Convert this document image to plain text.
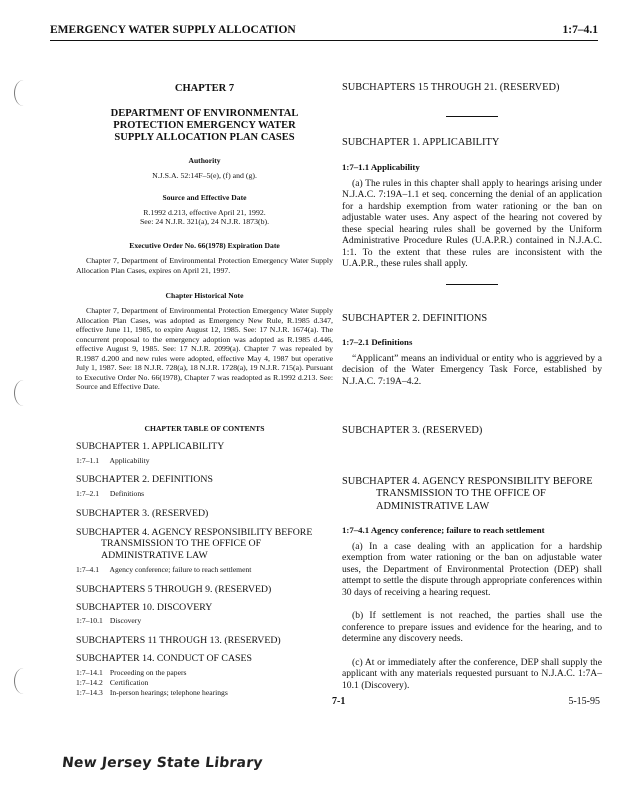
EMERGENCY WATER SUPPLY ALLOCATION	1:7–4.1
CHAPTER 7
DEPARTMENT OF ENVIRONMENTAL
PROTECTION EMERGENCY WATER
SUPPLY ALLOCATION PLAN CASES
Authority
N.J.S.A. 52:14F–5(e), (f) and (g).
Source and Effective Date
R.1992 d.213, effective April 21, 1992.
See: 24 N.J.R. 321(a), 24 N.J.R. 1873(b).
Executive Order No. 66(1978) Expiration Date

Chapter 7, Department of Environmental Protection Emergency Water Supply Allocation Plan Cases, expires on April 21, 1997.

Chapter Historical Note

Chapter 7, Department of Environmental Protection Emergency Water Supply Allocation Plan Cases, was adopted as Emergency New Rule, R.1985 d.347, effective June 11, 1985, to expire August 12, 1985. See: 17 N.J.R. 1674(a). The concurrent proposal to the emergency adoption was adopted as R.1985 d.446, effective August 9, 1985. See: 17 N.J.R. 2099(a). Chapter 7 was repealed by R.1987 d.200 and new rules were adopted, effective May 4, 1987 but operative July 1, 1987. See: 18 N.J.R. 728(a), 18 N.J.R. 1728(a), 19 N.J.R. 715(a). Pursuant to Executive Order No. 66(1978), Chapter 7 was readopted as R.1992 d.213. See: Source and Effective Date.

CHAPTER TABLE OF CONTENTS
SUBCHAPTER 1. APPLICABILITY
1:7–1.1 Applicability
SUBCHAPTER 2. DEFINITIONS
1:7–2.1 Definitions
SUBCHAPTER 3. (RESERVED)
SUBCHAPTER 4. AGENCY RESPONSIBILITY BEFORE TRANSMISSION TO THE OFFICE OF ADMINISTRATIVE LAW
1:7–4.1 Agency conference; failure to reach settlement
SUBCHAPTERS 5 THROUGH 9. (RESERVED)
SUBCHAPTER 10. DISCOVERY
1:7–10.1 Discovery
SUBCHAPTERS 11 THROUGH 13. (RESERVED)
SUBCHAPTER 14. CONDUCT OF CASES
1:7–14.1 Proceeding on the papers
1:7–14.2 Certification
1:7–14.3 In-person hearings; telephone hearings
SUBCHAPTERS 15 THROUGH 21. (RESERVED)
SUBCHAPTER 1. APPLICABILITY
1:7–1.1 Applicability

(a) The rules in this chapter shall apply to hearings arising under N.J.A.C. 7:19A–1.1 et seq. concerning the denial of an application for a hardship exemption from water rationing or the ban on adjustable water uses. Any aspect of the hearing not covered by these special hearing rules shall be governed by the Uniform Administrative Procedure Rules (U.A.P.R.) contained in N.J.A.C. 1:1. To the extent that these rules are inconsistent with the U.A.P.R., these rules shall apply.

SUBCHAPTER 2. DEFINITIONS
1:7–2.1 Definitions

“Applicant” means an individual or entity who is aggrieved by a decision of the Water Emergency Task Force, established by N.J.A.C. 7:19A–4.2.

SUBCHAPTER 3. (RESERVED)
SUBCHAPTER 4. AGENCY RESPONSIBILITY BEFORE TRANSMISSION TO THE OFFICE OF ADMINISTRATIVE LAW
1:7–4.1 Agency conference; failure to reach settlement

(a) In a case dealing with an application for a hardship exemption from water rationing or the ban on adjustable water uses, the Department of Environmental Protection (DEP) shall attempt to settle the dispute through appropriate conferences within 30 days of receiving a hearing request.

(b) If settlement is not reached, the parties shall use the conference to prepare issues and evidence for the hearing, and to determine any discovery needs.

(c) At or immediately after the conference, DEP shall supply the applicant with any materials requested pursuant to N.J.A.C. 1:7A–10.1 (Discovery).

7-1	5-15-95
New Jersey State Library
